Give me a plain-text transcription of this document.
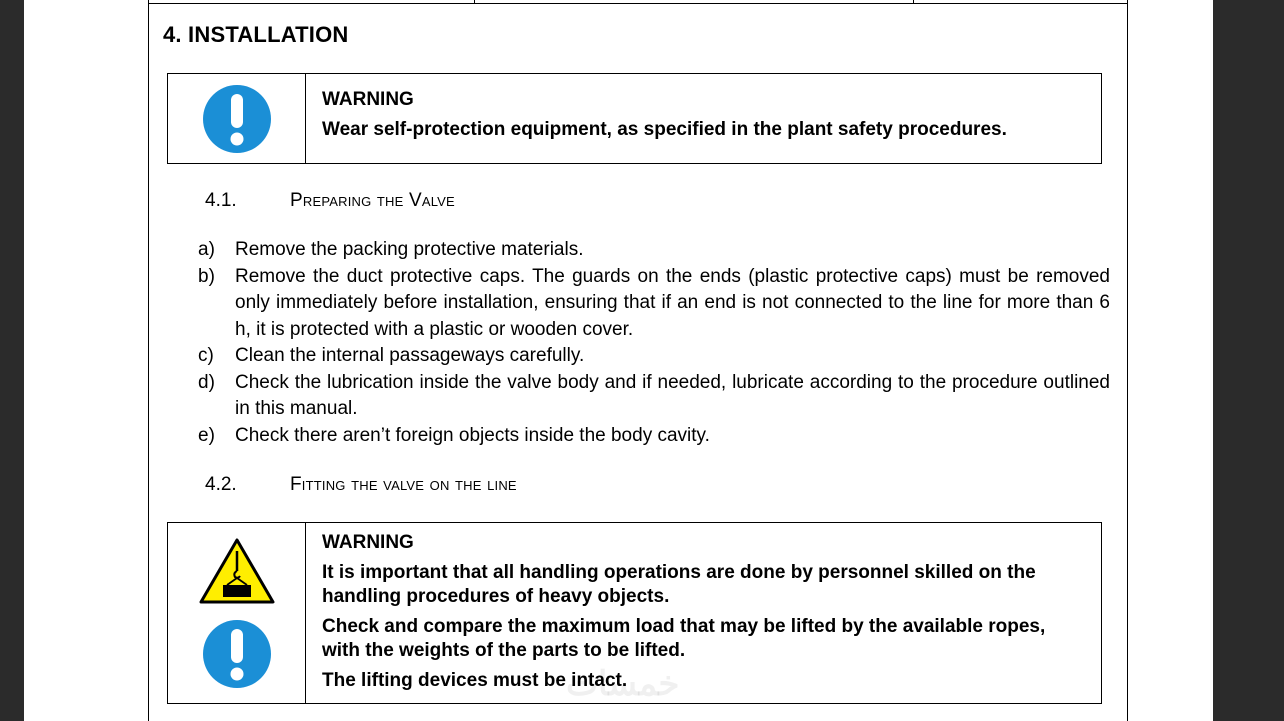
4. INSTALLATION

WARNING

Wear self-protection equipment, as specified in the plant safety procedures.

4.1.	Preparing the Valve
a)	Remove the packing protective materials.
b)	Remove the duct protective caps. The guards on the ends (plastic protective caps) must be removed only immediately before installation, ensuring that if an end is not connected to the line for more than 6 h, it is protected with a plastic or wooden cover.
c)	Clean the internal passageways carefully.
d)	Check the lubrication inside the valve body and if needed, lubricate according to the procedure outlined in this manual.
e)	Check there aren’t foreign objects inside the body cavity.
4.2.	Fitting the valve on the line

WARNING

It is important that all handling operations are done by personnel skilled on the handling procedures of heavy objects.

Check and compare the maximum load that may be lifted by the available ropes, with the weights of the parts to be lifted.

The lifting devices must be intact.

خمسات
